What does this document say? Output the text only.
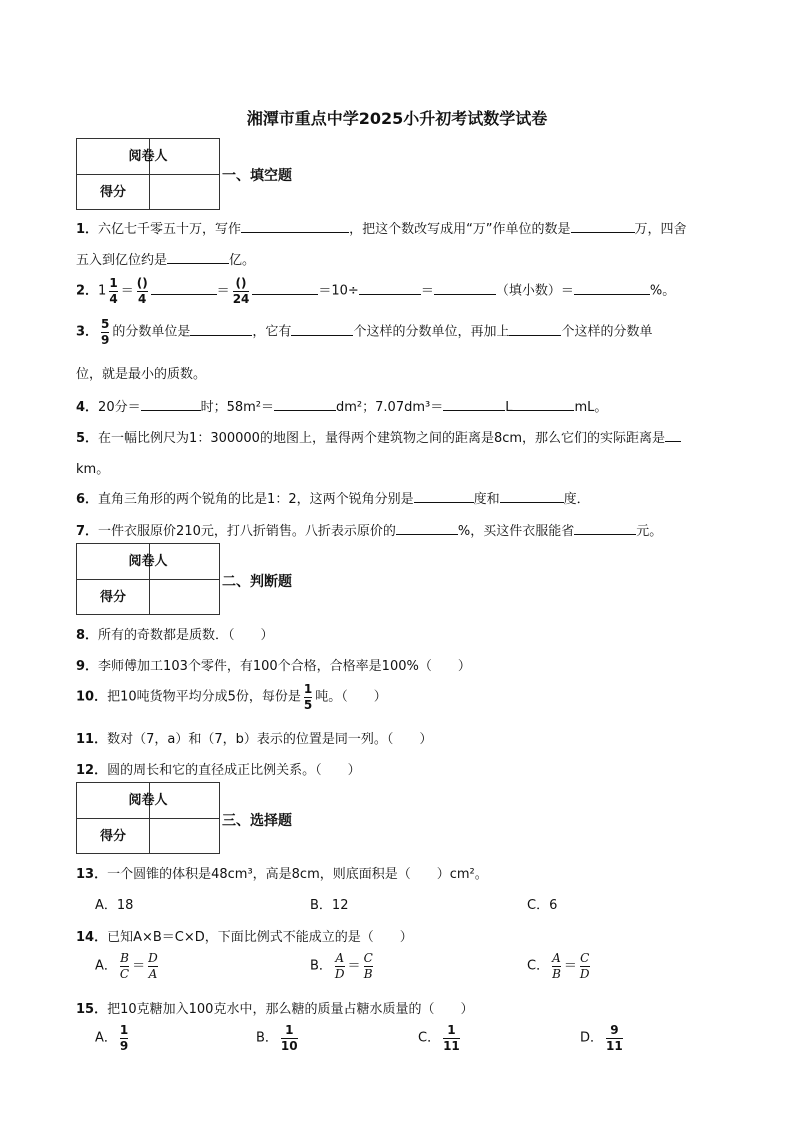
湘潭市重点中学2025小升初考试数学试卷
阅卷人
得分
一、填空题
1．六亿七千零五十万，写作	，把这个数改写成用“万”作单位的数是	万，四舍
五入到亿位约是	亿。
2．$1 \frac{1}{4} = \frac{()}{4}$	＝ $\frac{()}{24}$	＝10÷	＝	（填小数）＝	%。
3． $\frac{5}{9}$ 的分数单位是	，它有	个这样的分数单位，再加上	个这样的分数单
位，就是最小的质数。
4．20分＝	时；58m²＝	dm²；7.07dm³＝	L	mL。
5．在一幅比例尺为1：300000的地图上，量得两个建筑物之间的距离是8cm，那么它们的实际距离是
km。
6．直角三角形的两个锐角的比是1：2，这两个锐角分别是	度和	度．
7．一件衣服原价210元，打八折销售。八折表示原价的	%，买这件衣服能省	元。
阅卷人
得分
二、判断题
8．所有的奇数都是质数．（　　）
9．李师傅加工103个零件，有100个合格，合格率是100%（　　）
10．把10吨货物平均分成5份，每份是 $\frac{1}{5}$ 吨。（　　）
11．数对（7，a）和（7，b）表示的位置是同一列。（　　）
12．圆的周长和它的直径成正比例关系。（　　）
阅卷人
得分
三、选择题
13．一个圆锥的体积是48cm³，高是8cm，则底面积是（　　）cm²。
A．18	B．12	C．6
14．已知A×B＝C×D，下面比例式不能成立的是（　　）
A． $\frac{B}{C} = \frac{D}{A}$	B． $\frac{A}{D} = \frac{C}{B}$	C． $\frac{A}{B} = \frac{C}{D}$
15．把10克糖加入100克水中，那么糖的质量占糖水质量的（　　）
A． $\frac{1}{9}$	B． $\frac{1}{10}$	C． $\frac{1}{11}$	D． $\frac{9}{11}$
